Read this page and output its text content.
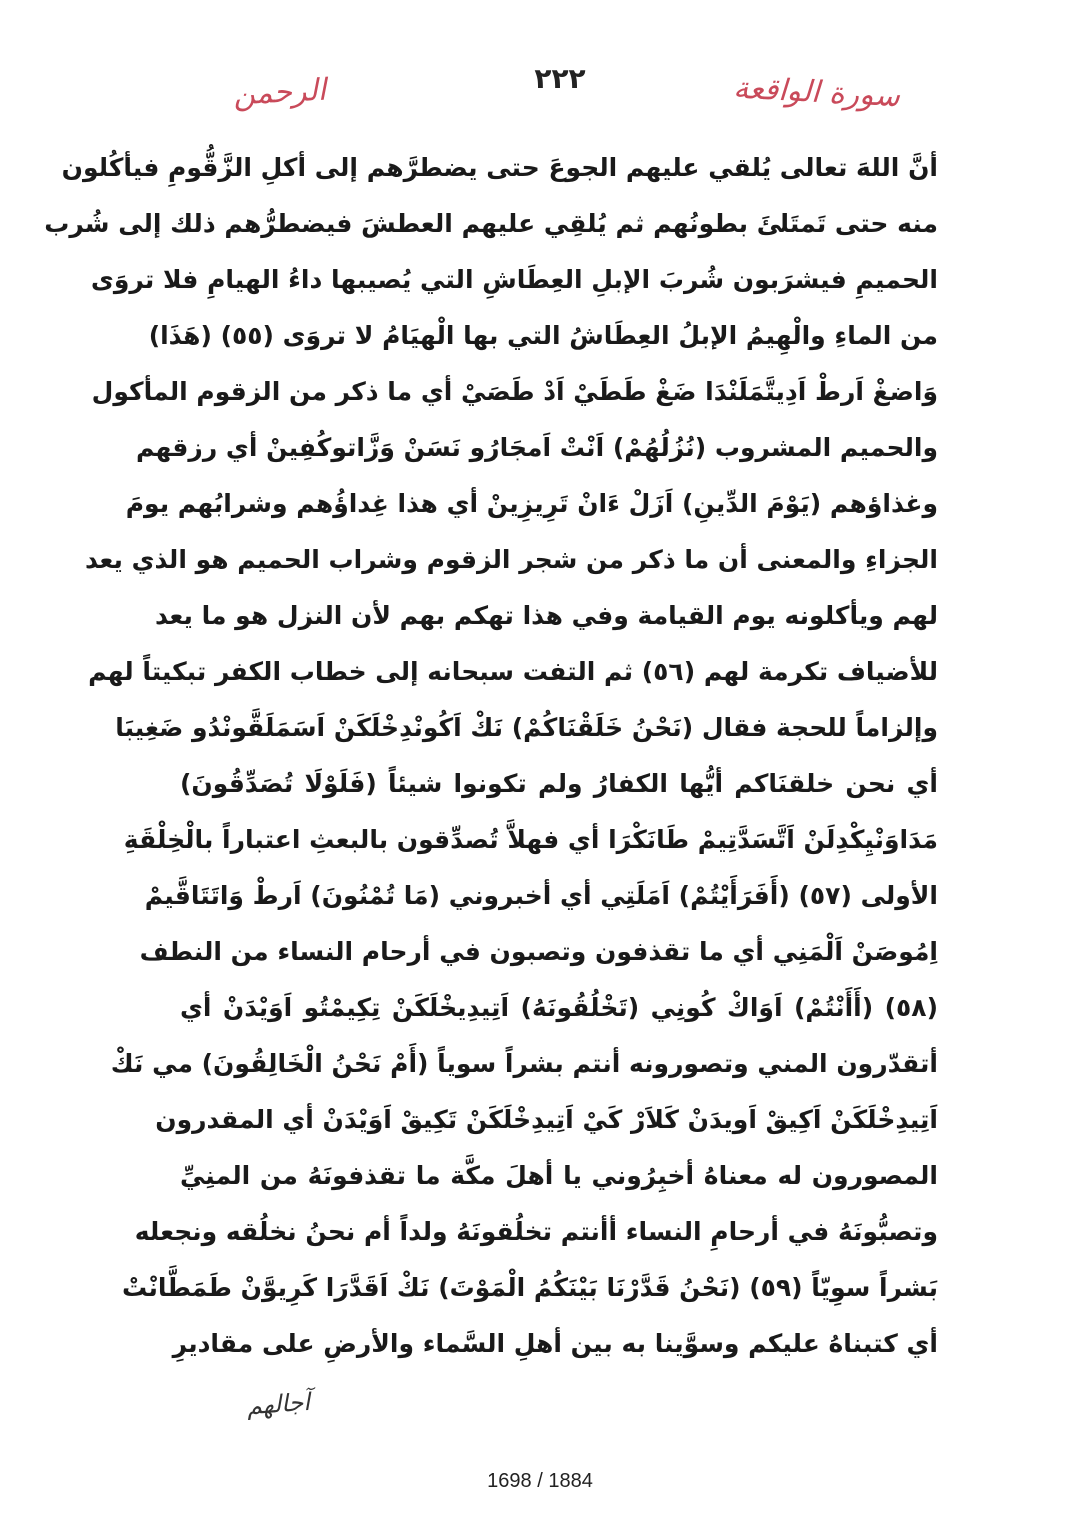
سورة الواقعة
٢٢٢
الرحمن
أنَّ اللهَ تعالى يُلقي عليهم الجوعَ حتى يضطرَّهم إلى أكلِ الزَّقُّومِ فيأكُلون
منه حتى تَمتَلئَ بطونُهم ثم يُلقِي عليهم العطشَ فيضطرُّهم ذلك إلى شُرب
الحميمِ فيشرَبون شُربَ الإبلِ العِطَاشِ التي يُصيبها داءُ الهيامِ فلا تروَى
من الماءِ والْهِيمُ الإبلُ العِطَاشُ التي بها الْهيَامُ لا تروَى (٥٥) (هَذَا)
وَاضغْ اَرطْ اَدِيتَّمَلَنْدَا ضَغْ طَطَيْ اَدْ طَصَيْ أي ما ذكر من الزقوم المأكول
والحميم المشروب (نُزُلُهُمْ) اَنْتْ اَمجَارُو نَسَنْ وَزَّاتوكُفِينْ أي رزقهم
وغذاؤهم (يَوْمَ الدِّينِ) اَزَلْ ءَانْ تَرِيزِينْ أي هذا غِداؤُهم وشرابُهم يومَ
الجزاءِ والمعنى أن ما ذكر من شجر الزقوم وشراب الحميم هو الذي يعد
لهم ويأكلونه يوم القيامة وفي هذا تهكم بهم لأن النزل هو ما يعد
للأضياف تكرمة لهم (٥٦) ثم التفت سبحانه إلى خطاب الكفر تبكيتاً لهم
وإلزاماً للحجة فقال (نَحْنُ خَلَقْنَاكُمْ) نَكْ اَكُونْدِخْلَكَنْ اَسَمَلَقَّونْدُو ضَغِيبَا
أي نحن خلقنَاكم أيُّها الكفارُ ولم تكونوا شيئاً (فَلَوْلَا تُصَدِّقُونَ)
مَدَاوَنْيِكْدِلَنْ اَتَّسَدَّتِيمْ طَانَكْرَا أي فهلاَّ تُصدِّقون بالبعثِ اعتباراً بالْخِلْقَةِ
الأولى (٥٧) (أَفَرَأَيْتُمْ) اَمَلَتِي أي أخبروني (مَا تُمْنُونَ) اَرطْ وَاتَتَاقَّيمْ
اِمُوصَنْ اَلْمَنِي أي ما تقذفون وتصبون في أرحام النساء من النطف
(٥٨) (أَأَنْتُمْ) اَوَاكْ كُونِي (تَخْلُقُونَهُ) اَتِيدِيخْلَكَنْ تِكِيمْتُو اَوَيْدَنْ أي
أتقدّرون المني وتصورونه أنتم بشراً سوياً (أَمْ نَحْنُ الْخَالِقُونَ) مي نَكْ
اَتِيدِخْلَكَنْ اَكِيقْ اَويدَنْ كَلاَرْ كَيْ اَتِيدِخْلَكَنْ تَكِيقْ اَوَيْدَنْ أي المقدرون
المصورون له معناهُ أخبِرُوني يا أهلَ مكَّة ما تقذفونَهُ من المنِيِّ
وتصبُّونَهُ في أرحامِ النساء أأنتم تخلُقونَهُ ولداً أم نحنُ نخلُقه ونجعله
بَشراً سوِيّاً (٥٩) (نَحْنُ قَدَّرْنَا بَيْنَكُمُ الْمَوْتَ) نَكْ اَقَدَّرَا كَرِيوَّنْ طَمَطَّانْتْ
أي كتبناهُ عليكم وسوَّينا به بين أهلِ السَّماء والأرضِ على مقاديرِ
آجالهم
1698 / 1884
